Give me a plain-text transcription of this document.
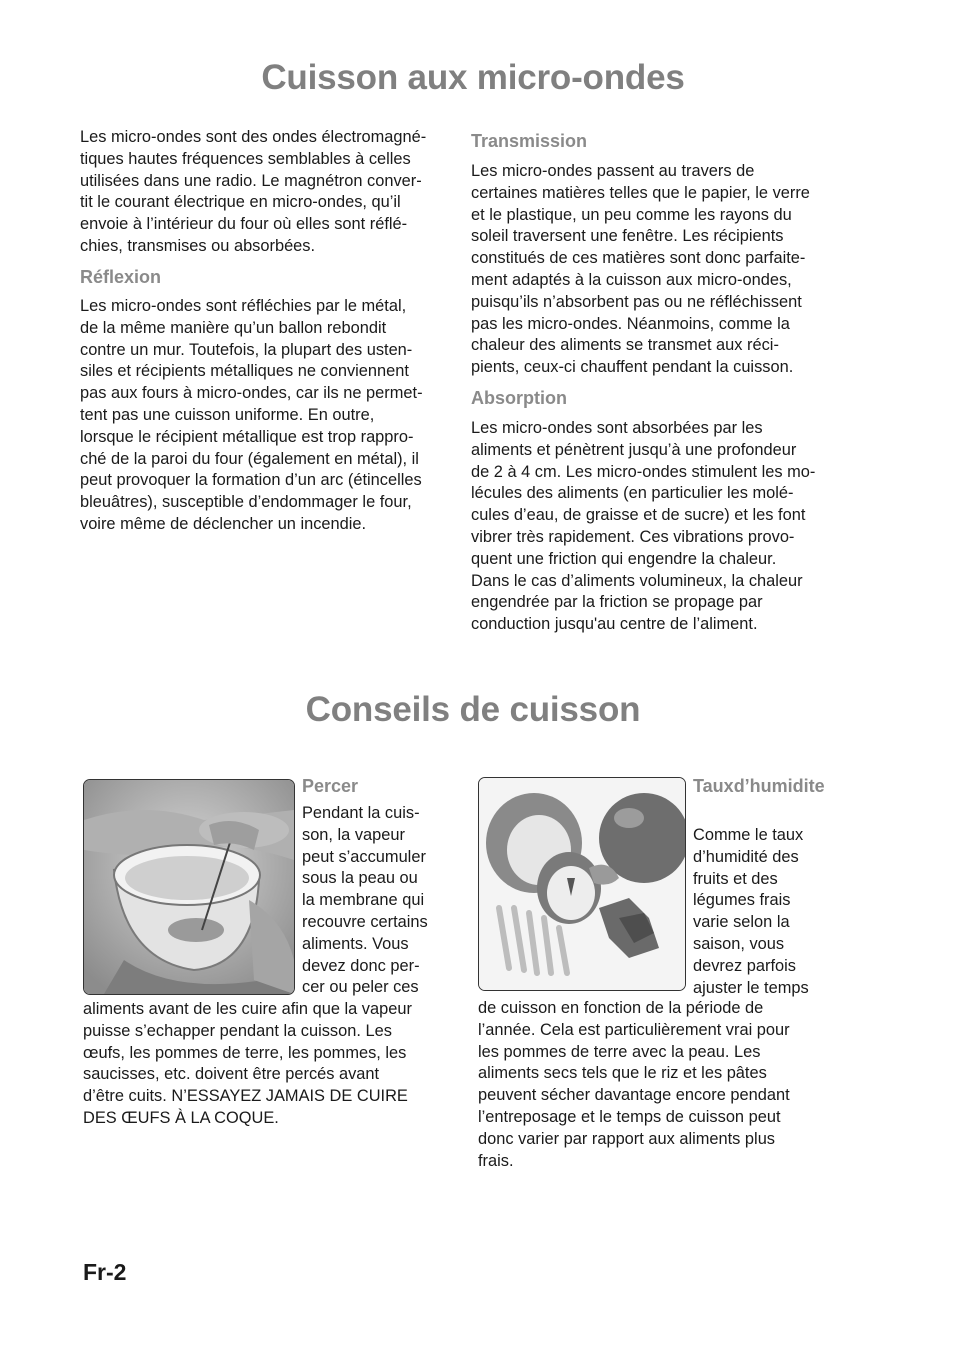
Cuisson aux micro-ondes

Les micro-ondes sont des ondes électromagné-
tiques hautes fréquences semblables à celles
utilisées dans une radio. Le magnétron conver-
tit le courant électrique en micro-ondes, qu’il
envoie à l’intérieur du four où elles sont réflé-
chies, transmises ou absorbées.

Réflexion

Les micro-ondes sont réfléchies par le métal,
de la même manière qu’un ballon rebondit
contre un mur. Toutefois, la plupart des usten-
siles et récipients métalliques ne conviennent
pas aux fours à micro-ondes, car ils ne permet-
tent pas une cuisson uniforme. En outre,
lorsque le récipient métallique est trop rappro-
ché de la paroi du four (également en métal), il
peut provoquer la formation d’un arc (étincelles
bleuâtres), susceptible d’endommager le four,
voire même de déclencher un incendie.

Transmission

Les micro-ondes passent au travers de
certaines matières telles que le papier, le verre
et le plastique, un peu comme les rayons du
soleil traversent une fenêtre. Les récipients
constitués de ces matières sont donc parfaite-
ment adaptés à la cuisson aux micro-ondes,
puisqu’ils n’absorbent pas ou ne réfléchissent
pas les micro-ondes. Néanmoins, comme la
chaleur des aliments se transmet aux réci-
pients, ceux-ci chauffent pendant la cuisson.

Absorption

Les micro-ondes sont absorbées par les
aliments et pénètrent jusqu’à une profondeur
de 2 à 4 cm. Les micro-ondes stimulent les mo-
lécules des aliments (en particulier les molé-
cules d’eau, de graisse et de sucre) et les font
vibrer très rapidement. Ces vibrations provo-
quent une friction qui engendre la chaleur.
Dans le cas d’aliments volumineux, la chaleur
engendrée par la friction se propage par
conduction jusqu'au centre de l’aliment.

Conseils de cuisson
Percer

Pendant la cuis-
son, la vapeur
peut s’accumuler
sous la peau ou
la membrane qui
recouvre certains
aliments. Vous
devez donc per-
cer ou peler ces

aliments avant de les cuire afin que la vapeur
puisse s’echapper pendant la cuisson. Les
œufs, les pommes de terre, les pommes, les
saucisses, etc. doivent être percés avant
d’être cuits. N’ESSAYEZ JAMAIS DE CUIRE
DES ŒUFS À LA COQUE.

Tauxd’humidite

Comme le taux
d’humidité des
fruits et des
légumes frais
varie selon la
saison, vous
devrez parfois
ajuster le temps

de cuisson en fonction de la période de
l’année. Cela est particulièrement vrai pour
les pommes de terre avec la peau. Les
aliments secs tels que le riz et les pâtes
peuvent sécher davantage encore pendant
l’entreposage et le temps de cuisson peut
donc varier par rapport aux aliments plus
frais.

Fr-2
